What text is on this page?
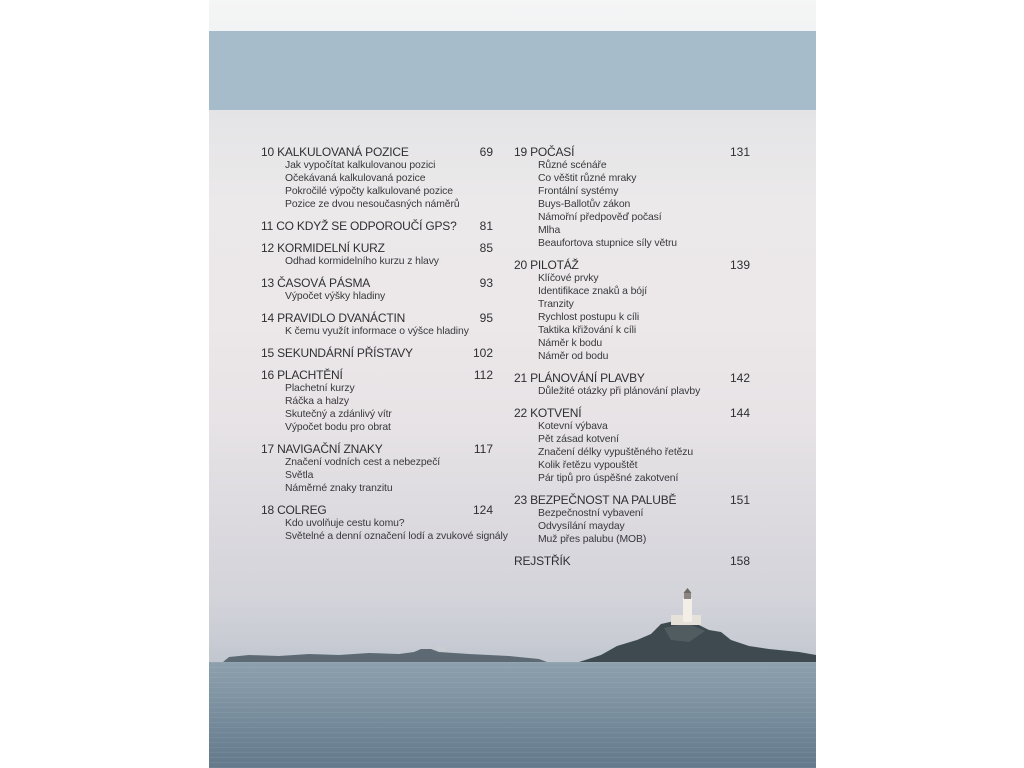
10 KALKULOVANÁ POZICE	69
Jak vypočítat kalkulovanou pozici
Očekávaná kalkulovaná pozice
Pokročilé výpočty kalkulované pozice
Pozice ze dvou nesoučasných náměrů
11 CO KDYŽ SE ODPOROUČÍ GPS?	81
12 KORMIDELNÍ KURZ	85
Odhad kormidelního kurzu z hlavy
13 ČASOVÁ PÁSMA	93
Výpočet výšky hladiny
14 PRAVIDLO DVANÁCTIN	95
K čemu využít informace o výšce hladiny
15 SEKUNDÁRNÍ PŘÍSTAVY	102
16 PLACHTĚNÍ	112
Plachetní kurzy
Ráčka a halzy
Skutečný a zdánlivý vítr
Výpočet bodu pro obrat
17 NAVIGAČNÍ ZNAKY	117
Značení vodních cest a nebezpečí
Světla
Náměrné znaky tranzitu
18 COLREG	124
Kdo uvolňuje cestu komu?
Světelné a denní označení lodí a zvukové signály
19 POČASÍ	131
Různé scénáře
Co věštit různé mraky
Frontální systémy
Buys-Ballotův zákon
Námořní předpověď počasí
Mlha
Beaufortova stupnice síly větru
20 PILOTÁŽ	139
Klíčové prvky
Identifikace znaků a bójí
Tranzity
Rychlost postupu k cíli
Taktika křižování k cíli
Náměr k bodu
Náměr od bodu
21 PLÁNOVÁNÍ PLAVBY	142
Důležité otázky při plánování plavby
22 KOTVENÍ	144
Kotevní výbava
Pět zásad kotvení
Značení délky vypuštěného řetězu
Kolik řetězu vypouštět
Pár tipů pro úspěšné zakotvení
23 BEZPEČNOST NA PALUBĚ	151
Bezpečnostní vybavení
Odvysílání mayday
Muž přes palubu (MOB)
REJSTŘÍK	158
